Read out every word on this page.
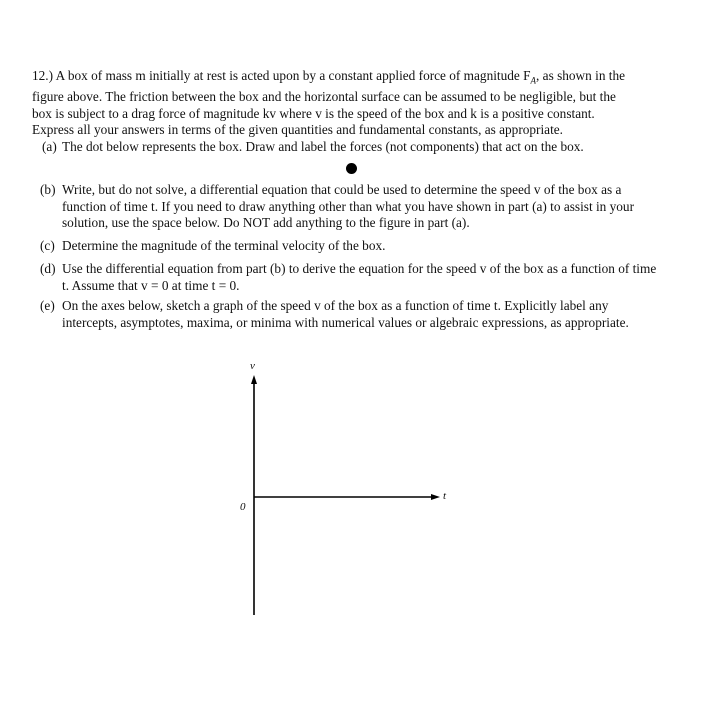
12.) A box of mass m initially at rest is acted upon by a constant applied force of magnitude $F_A$, as shown in the

figure above. The friction between the box and the horizontal surface can be assumed to be negligible, but the

box is subject to a drag force of magnitude kv where v is the speed of the box and k is a positive constant.

Express all your answers in terms of the given quantities and fundamental constants, as appropriate.

(a) The dot below represents the box. Draw and label the forces (not components) that act on the box.
(b) Write, but do not solve, a differential equation that could be used to determine the speed v of the box as a function of time t. If you need to draw anything other than what you have shown in part (a) to assist in your solution, use the space below. Do NOT add anything to the figure in part (a).
(c) Determine the magnitude of the terminal velocity of the box.
(d) Use the differential equation from part (b) to derive the equation for the speed v of the box as a function of time t. Assume that v = 0 at time t = 0.
(e) On the axes below, sketch a graph of the speed v of the box as a function of time t. Explicitly label any intercepts, asymptotes, maxima, or minima with numerical values or algebraic expressions, as appropriate.
v
t
0
